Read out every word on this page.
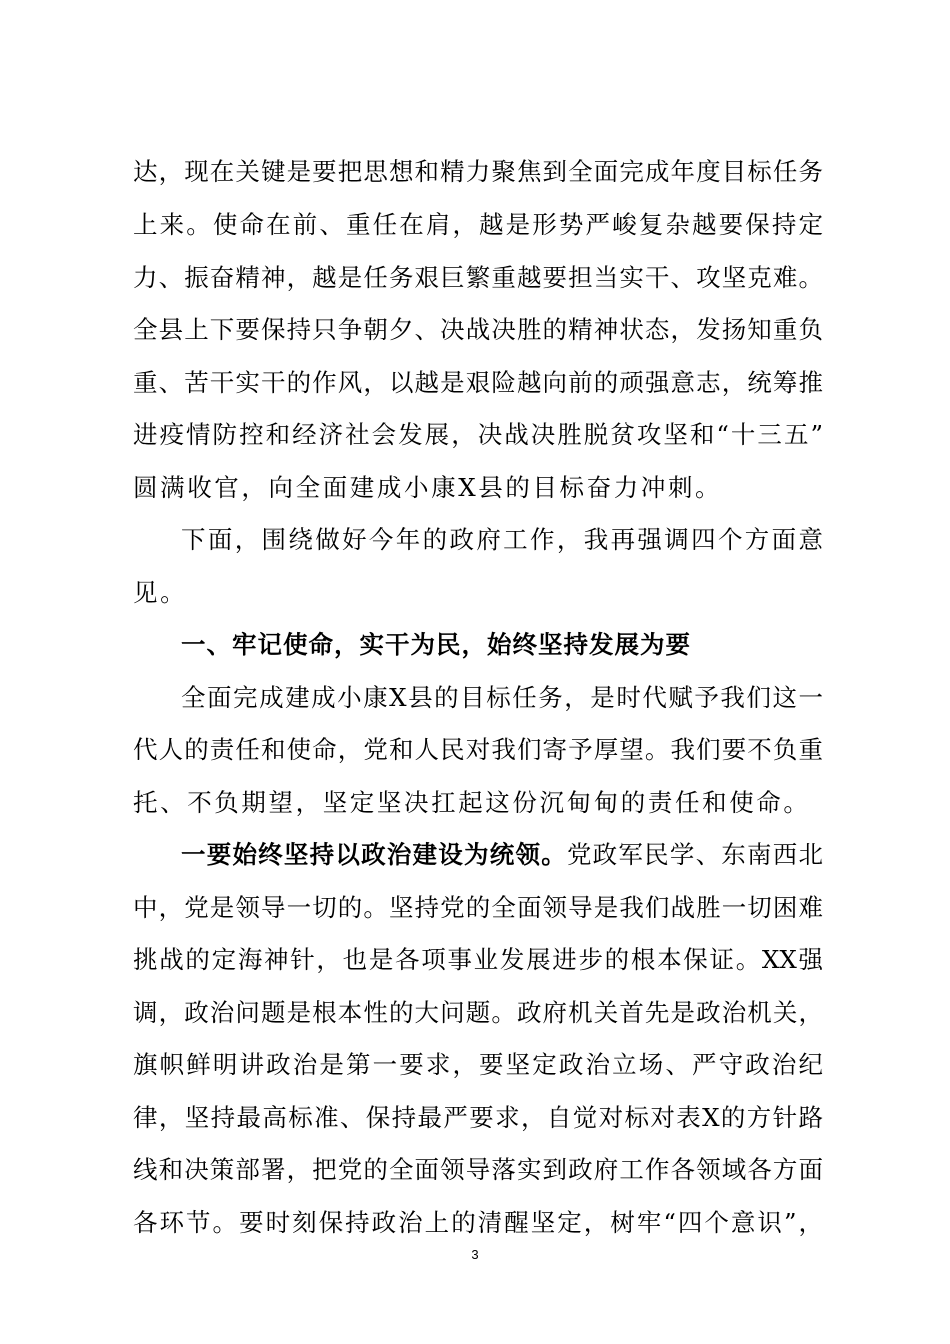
达，现在关键是要把思想和精力聚焦到全面完成年度目标任务
上来。使命在前、重任在肩，越是形势严峻复杂越要保持定
力、振奋精神，越是任务艰巨繁重越要担当实干、攻坚克难。
全县上下要保持只争朝夕、决战决胜的精神状态，发扬知重负
重、苦干实干的作风，以越是艰险越向前的顽强意志，统筹推
进疫情防控和经济社会发展，决战决胜脱贫攻坚和“十三五”
圆满收官，向全面建成小康X县的目标奋力冲刺。
下面，围绕做好今年的政府工作，我再强调四个方面意
见。
一、牢记使命，实干为民，始终坚持发展为要
全面完成建成小康X县的目标任务，是时代赋予我们这一
代人的责任和使命，党和人民对我们寄予厚望。我们要不负重
托、不负期望，坚定坚决扛起这份沉甸甸的责任和使命。
一要始终坚持以政治建设为统领。党政军民学、东南西北
中，党是领导一切的。坚持党的全面领导是我们战胜一切困难
挑战的定海神针，也是各项事业发展进步的根本保证。XX强
调，政治问题是根本性的大问题。政府机关首先是政治机关，
旗帜鲜明讲政治是第一要求，要坚定政治立场、严守政治纪
律，坚持最高标准、保持最严要求，自觉对标对表X的方针路
线和决策部署，把党的全面领导落实到政府工作各领域各方面
各环节。要时刻保持政治上的清醒坚定，树牢“四个意识”，
3
